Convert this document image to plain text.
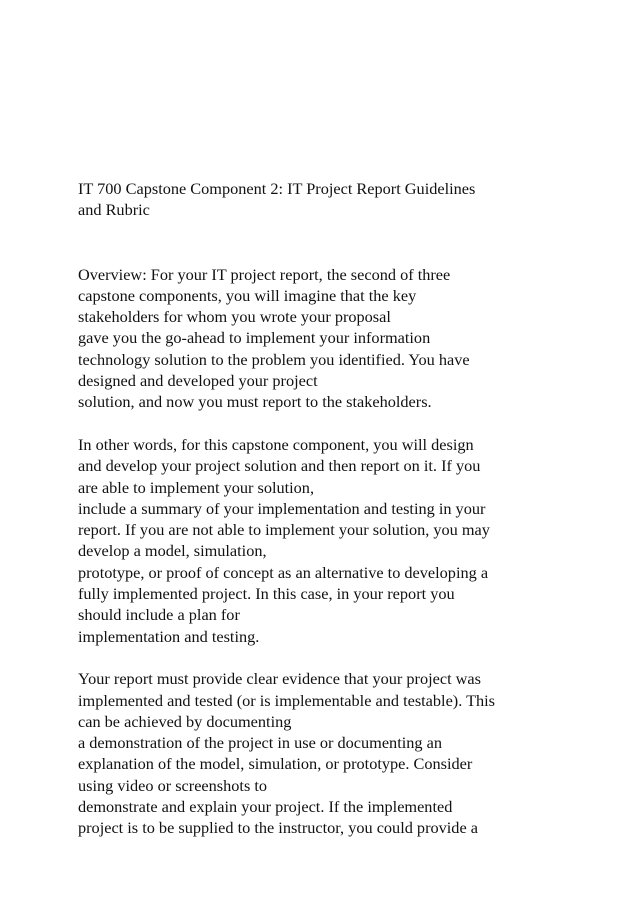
IT 700 Capstone Component 2: IT Project Report Guidelines
and Rubric

Overview: For your IT project report, the second of three
capstone components, you will imagine that the key
stakeholders for whom you wrote your proposal
gave you the go-ahead to implement your information
technology solution to the problem you identified. You have
designed and developed your project
solution, and now you must report to the stakeholders.

In other words, for this capstone component, you will design
and develop your project solution and then report on it. If you
are able to implement your solution,
include a summary of your implementation and testing in your
report. If you are not able to implement your solution, you may
develop a model, simulation,
prototype, or proof of concept as an alternative to developing a
fully implemented project. In this case, in your report you
should include a plan for
implementation and testing.

Your report must provide clear evidence that your project was
implemented and tested (or is implementable and testable). This
can be achieved by documenting
a demonstration of the project in use or documenting an
explanation of the model, simulation, or prototype. Consider
using video or screenshots to
demonstrate and explain your project. If the implemented
project is to be supplied to the instructor, you could provide a
